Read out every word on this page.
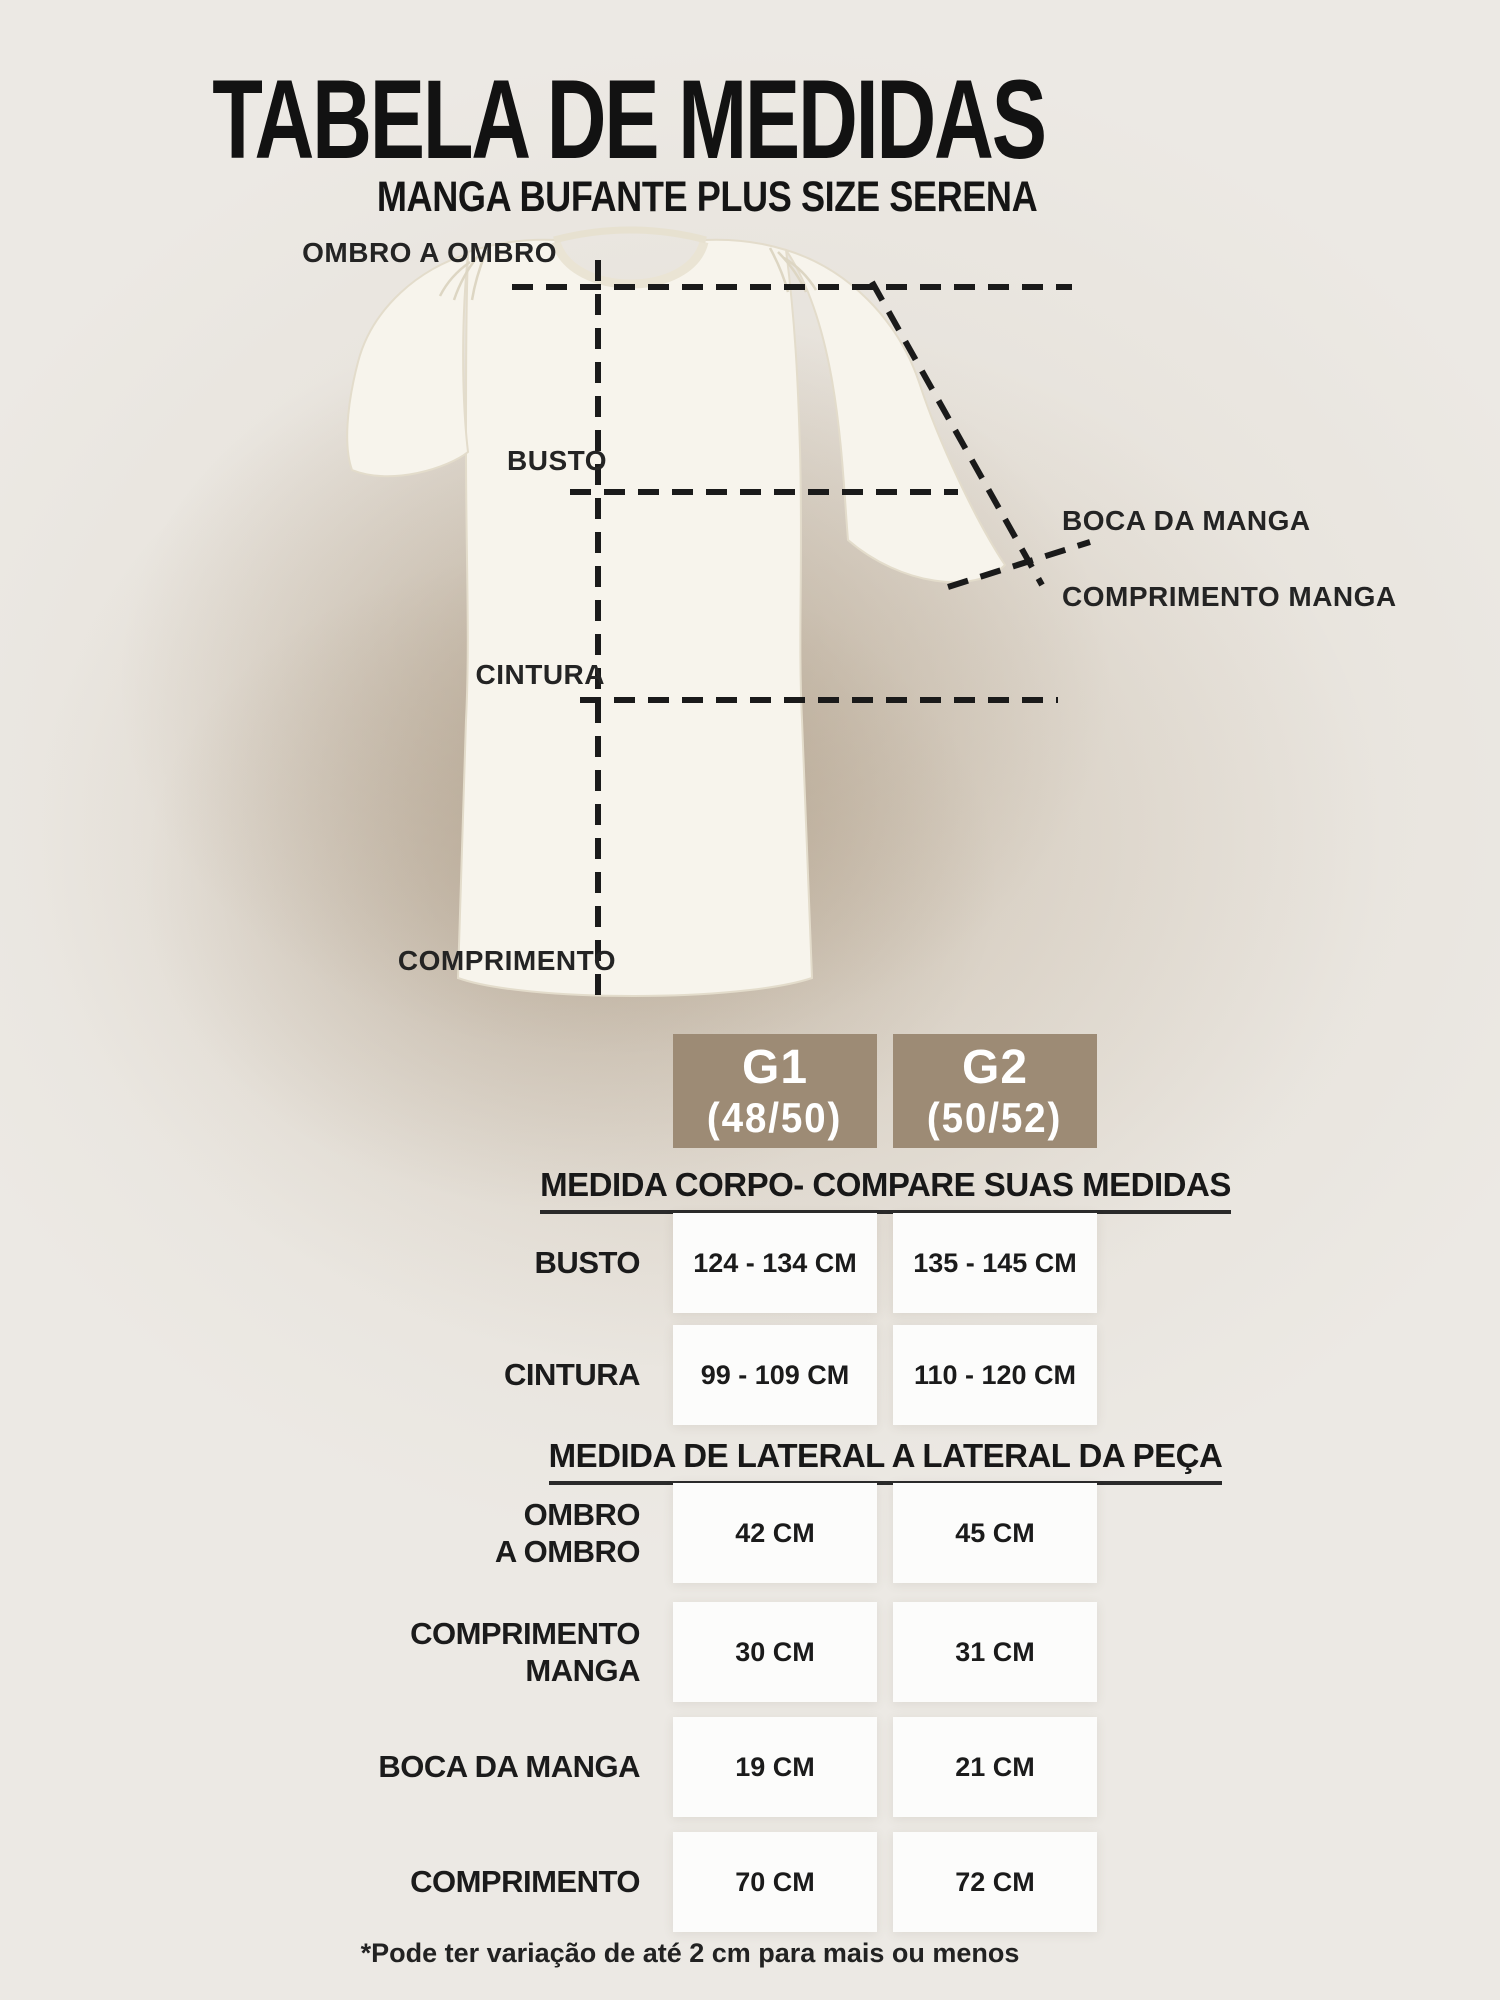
TABELA DE MEDIDAS
MANGA BUFANTE PLUS SIZE SERENA
OMBRO A OMBRO
BUSTO
BOCA DA MANGA
COMPRIMENTO MANGA
CINTURA
COMPRIMENTO
G1
(48/50)
G2
(50/52)
MEDIDA CORPO- COMPARE SUAS MEDIDAS
BUSTO	124 - 134 CM	135 - 145 CM
CINTURA	99 - 109 CM	110 - 120 CM
MEDIDA DE LATERAL A LATERAL DA PEÇA
OMBRO
A OMBRO
42 CM	45 CM
COMPRIMENTO
MANGA
30 CM	31 CM
BOCA DA MANGA	19 CM	21 CM
COMPRIMENTO	70 CM	72 CM
*Pode ter variação de até 2 cm para mais ou menos
